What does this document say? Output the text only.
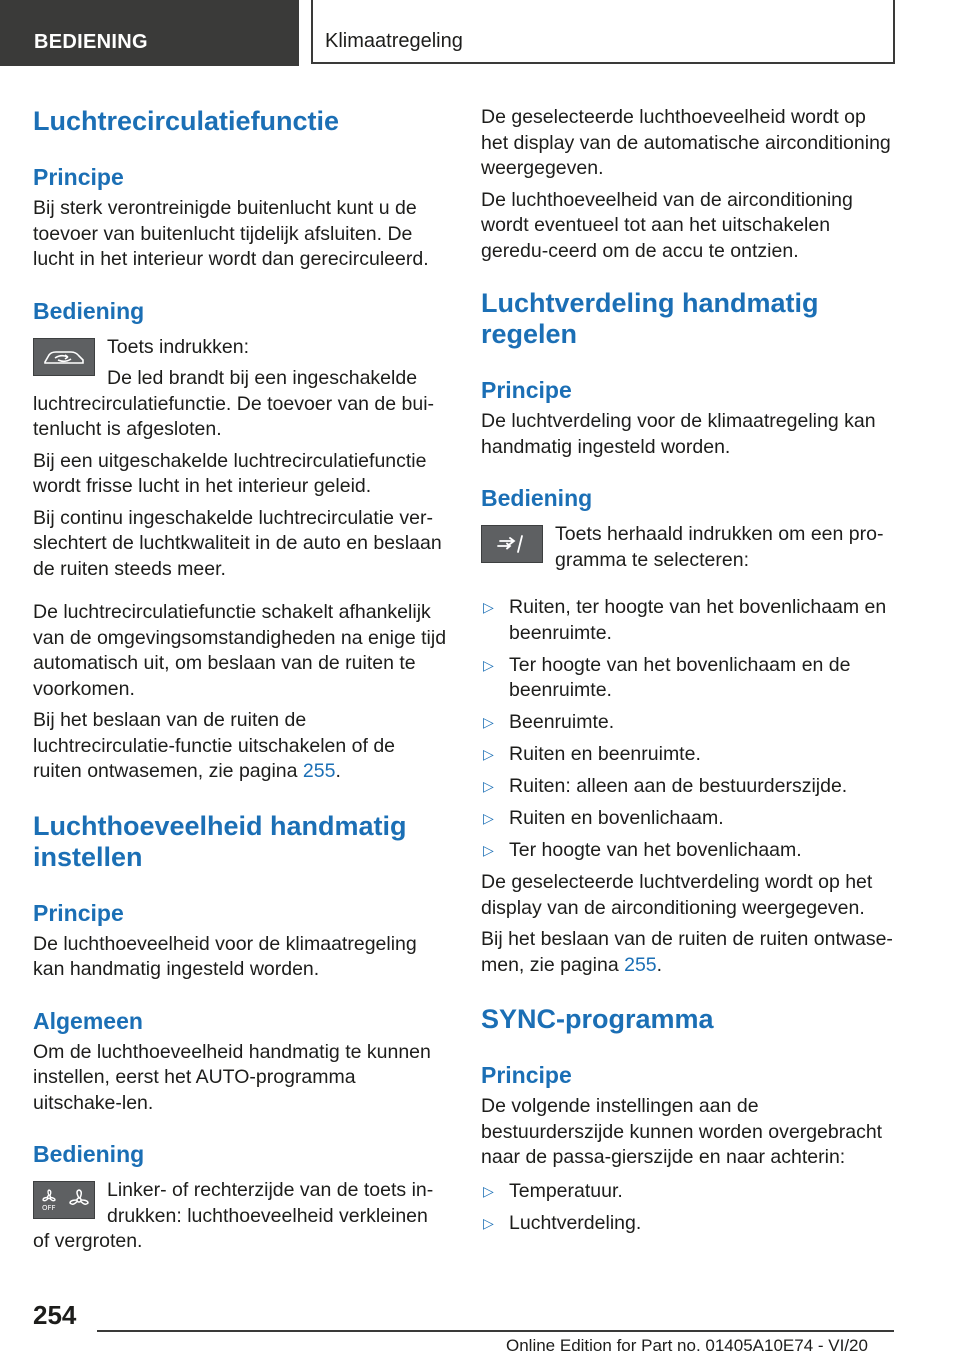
BEDIENING	Klimaatregeling
Luchtrecirculatiefunctie
Principe

Bij sterk verontreinigde buitenlucht kunt u de toevoer van buitenlucht tijdelijk afsluiten. De lucht in het interieur wordt dan gerecirculeerd.

Bediening

Toets indrukken:

De led brandt bij een ingeschakelde luchtrecirculatiefunctie. De toevoer van de bui‐tenlucht is afgesloten.

Bij een uitgeschakelde luchtrecirculatiefunctie wordt frisse lucht in het interieur geleid.

Bij continu ingeschakelde luchtrecirculatie ver‐slechtert de luchtkwaliteit in de auto en beslaan de ruiten steeds meer.

De luchtrecirculatiefunctie schakelt afhankelijk van de omgevingsomstandigheden na enige tijd automatisch uit, om beslaan van de ruiten te voorkomen.

Bij het beslaan van de ruiten de luchtrecirculatie‐functie uitschakelen of de ruiten ontwasemen, zie pagina 255.

Luchthoeveelheid handmatig instellen
Principe

De luchthoeveelheid voor de klimaatregeling kan handmatig ingesteld worden.

Algemeen

Om de luchthoeveelheid handmatig te kunnen instellen, eerst het AUTO-programma uitschake‐len.

Bediening
OFF

Linker- of rechterzijde van de toets in‐drukken: luchthoeveelheid verkleinen of vergroten.

De geselecteerde luchthoeveelheid wordt op het display van de automatische airconditioning weergegeven.

De luchthoeveelheid van de airconditioning wordt eventueel tot aan het uitschakelen geredu‐ceerd om de accu te ontzien.

Luchtverdeling handmatig regelen
Principe

De luchtverdeling voor de klimaatregeling kan handmatig ingesteld worden.

Bediening

Toets herhaald indrukken om een pro‐gramma te selecteren:

▷ Ruiten, ter hoogte van het bovenlichaam en beenruimte.
▷ Ter hoogte van het bovenlichaam en de beenruimte.
▷ Beenruimte.
▷ Ruiten en beenruimte.
▷ Ruiten: alleen aan de bestuurderszijde.
▷ Ruiten en bovenlichaam.
▷ Ter hoogte van het bovenlichaam.

De geselecteerde luchtverdeling wordt op het display van de airconditioning weergegeven.

Bij het beslaan van de ruiten de ruiten ontwase‐men, zie pagina 255.

SYNC-programma
Principe

De volgende instellingen aan de bestuurderszijde kunnen worden overgebracht naar de passa‐gierszijde en naar achterin:

▷ Temperatuur.
▷ Luchtverdeling.
254
Online Edition for Part no. 01405A10E74 - VI/20
